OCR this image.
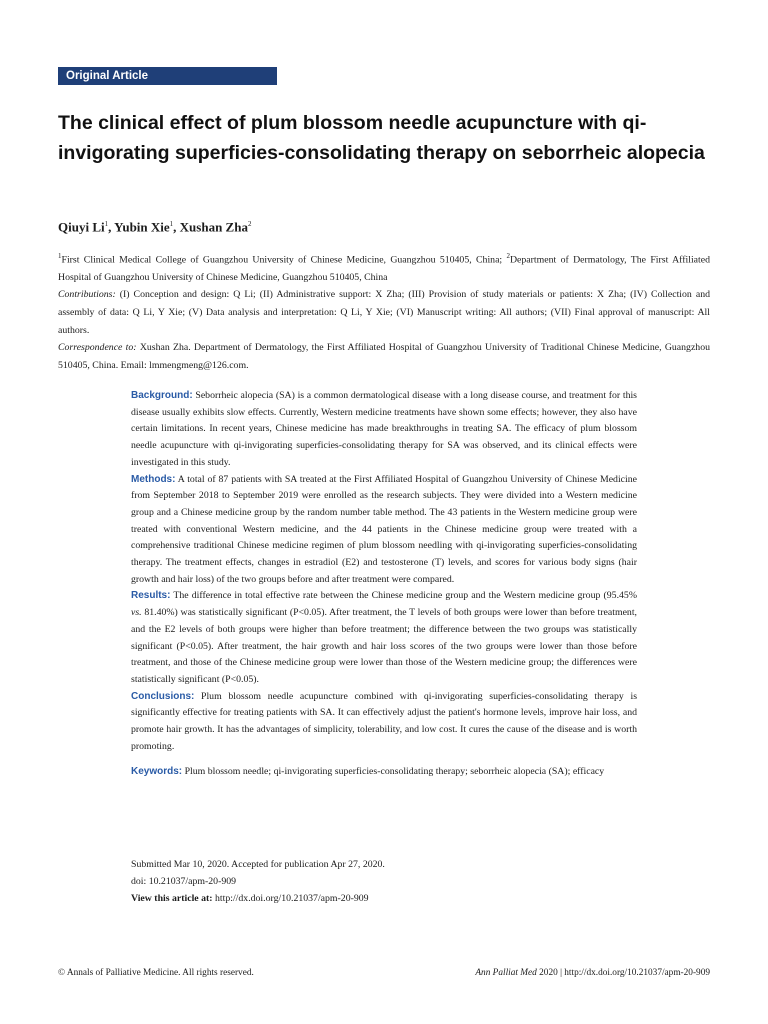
Original Article
The clinical effect of plum blossom needle acupuncture with qi-invigorating superficies-consolidating therapy on seborrheic alopecia
Qiuyi Li$^1$, Yubin Xie$^1$, Xushan Zha$^2$

$^1$First Clinical Medical College of Guangzhou University of Chinese Medicine, Guangzhou 510405, China; $^2$Department of Dermatology, The First Affiliated Hospital of Guangzhou University of Chinese Medicine, Guangzhou 510405, China

Contributions: (I) Conception and design: Q Li; (II) Administrative support: X Zha; (III) Provision of study materials or patients: X Zha; (IV) Collection and assembly of data: Q Li, Y Xie; (V) Data analysis and interpretation: Q Li, Y Xie; (VI) Manuscript writing: All authors; (VII) Final approval of manuscript: All authors.

Correspondence to: Xushan Zha. Department of Dermatology, the First Affiliated Hospital of Guangzhou University of Traditional Chinese Medicine, Guangzhou 510405, China. Email: lmmengmeng@126.com.

Background: Seborrheic alopecia (SA) is a common dermatological disease with a long disease course, and treatment for this disease usually exhibits slow effects. Currently, Western medicine treatments have shown some effects; however, they also have certain limitations. In recent years, Chinese medicine has made breakthroughs in treating SA. The efficacy of plum blossom needle acupuncture with qi-invigorating superficies-consolidating therapy for SA was observed, and its clinical effects were investigated in this study.

Methods: A total of 87 patients with SA treated at the First Affiliated Hospital of Guangzhou University of Chinese Medicine from September 2018 to September 2019 were enrolled as the research subjects. They were divided into a Western medicine group and a Chinese medicine group by the random number table method. The 43 patients in the Western medicine group were treated with conventional Western medicine, and the 44 patients in the Chinese medicine group were treated with a comprehensive traditional Chinese medicine regimen of plum blossom needling with qi-invigorating superficies-consolidating therapy. The treatment effects, changes in estradiol (E2) and testosterone (T) levels, and scores for various body signs (hair growth and hair loss) of the two groups before and after treatment were compared.

Results: The difference in total effective rate between the Chinese medicine group and the Western medicine group (95.45% vs. 81.40%) was statistically significant (P<0.05). After treatment, the T levels of both groups were lower than before treatment, and the E2 levels of both groups were higher than before treatment; the difference between the two groups was statistically significant (P<0.05). After treatment, the hair growth and hair loss scores of the two groups were lower than those before treatment, and those of the Chinese medicine group were lower than those of the Western medicine group; the differences were statistically significant (P<0.05).

Conclusions: Plum blossom needle acupuncture combined with qi-invigorating superficies-consolidating therapy is significantly effective for treating patients with SA. It can effectively adjust the patient's hormone levels, improve hair loss, and promote hair growth. It has the advantages of simplicity, tolerability, and low cost. It cures the cause of the disease and is worth promoting.

Keywords: Plum blossom needle; qi-invigorating superficies-consolidating therapy; seborrheic alopecia (SA); efficacy

Submitted Mar 10, 2020. Accepted for publication Apr 27, 2020.

doi: 10.21037/apm-20-909

View this article at: http://dx.doi.org/10.21037/apm-20-909

© Annals of Palliative Medicine. All rights reserved.	Ann Palliat Med 2020 | http://dx.doi.org/10.21037/apm-20-909
